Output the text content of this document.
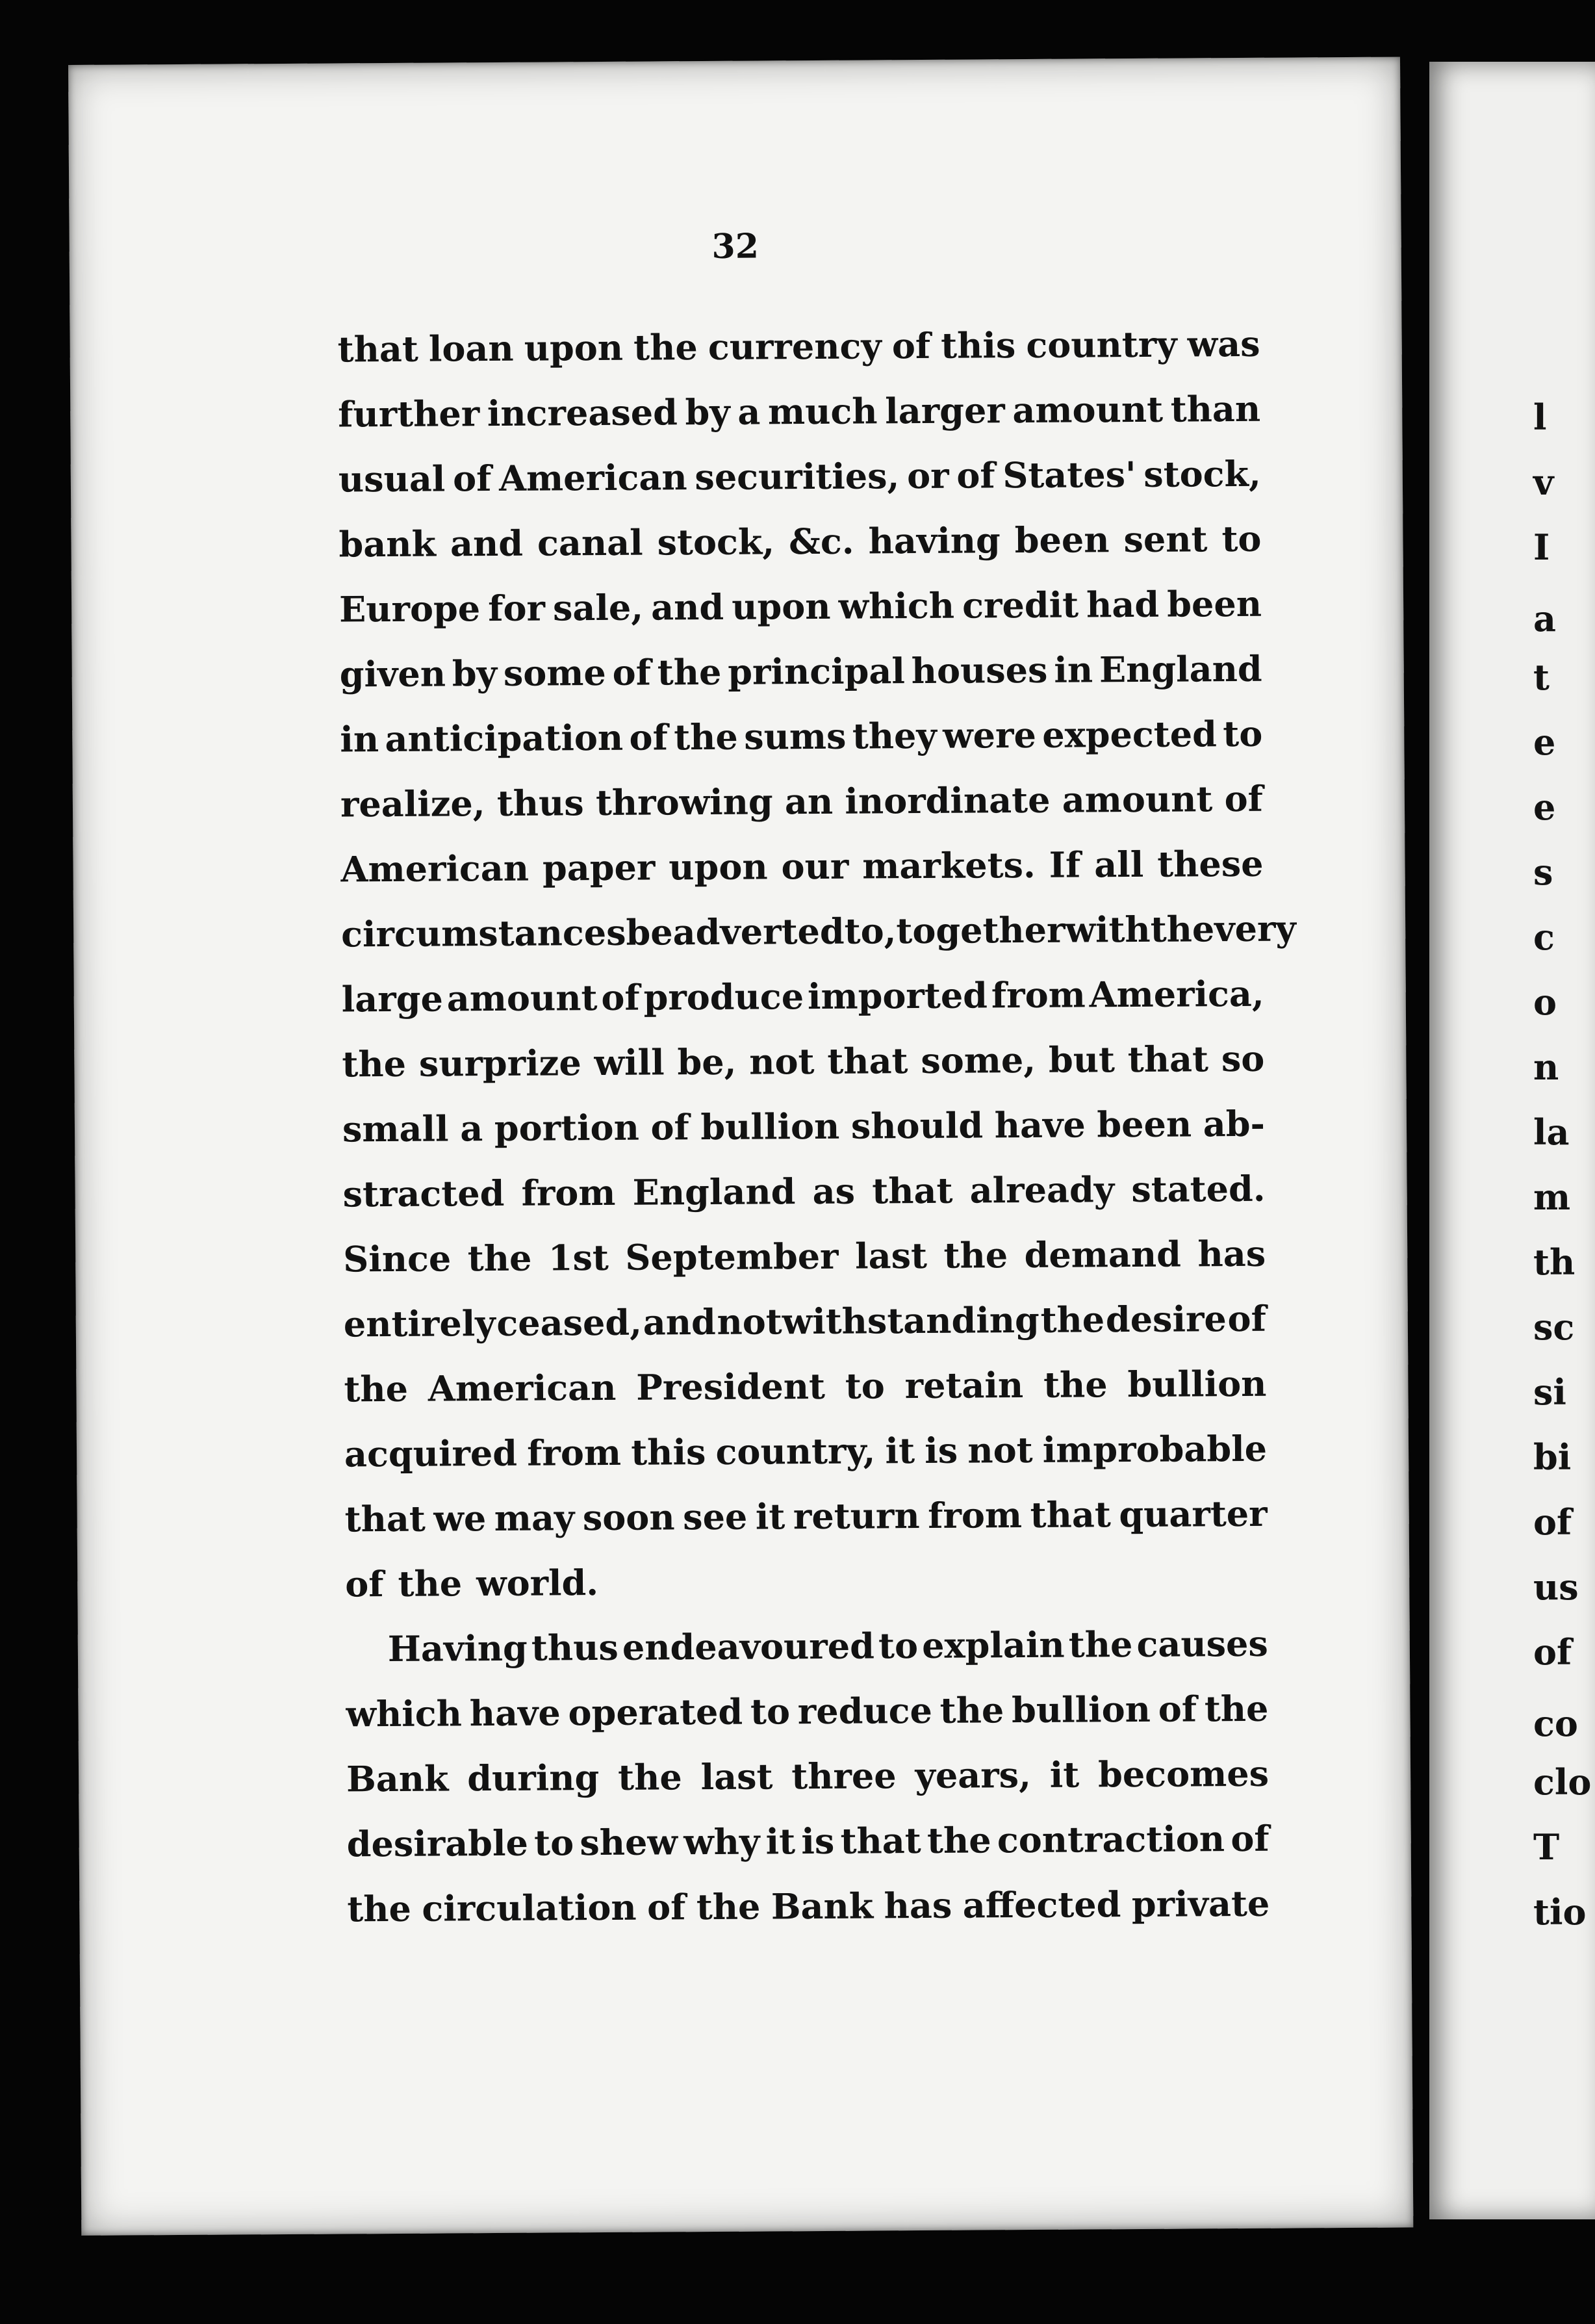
32
that loan upon the currency of this country was
further increased by a much larger amount than
usual of American securities, or of States' stock,
bank and canal stock, &c. having been sent to
Europe for sale, and upon which credit had been
given by some of the principal houses in England
in anticipation of the sums they were expected to
realize, thus throwing an inordinate amount of
American paper upon our markets. If all these
circumstances be adverted to, together with the very
large amount of produce imported from America,
the surprize will be, not that some, but that so
small a portion of bullion should have been ab-
stracted from England as that already stated.
Since the 1st September last the demand has
entirely ceased, and notwithstanding the desire of
the American President to retain the bullion
acquired from this country, it is not improbable
that we may soon see it return from that quarter
of the world.
Having thus endeavoured to explain the causes
which have operated to reduce the bullion of the
Bank during the last three years, it becomes
desirable to shew why it is that the contraction of
the circulation of the Bank has affected private
l
v
I
a
t
e
e
s
c
o
n
la
m
th
sc
si
bi
of
us
of
co
clo
T
tio
